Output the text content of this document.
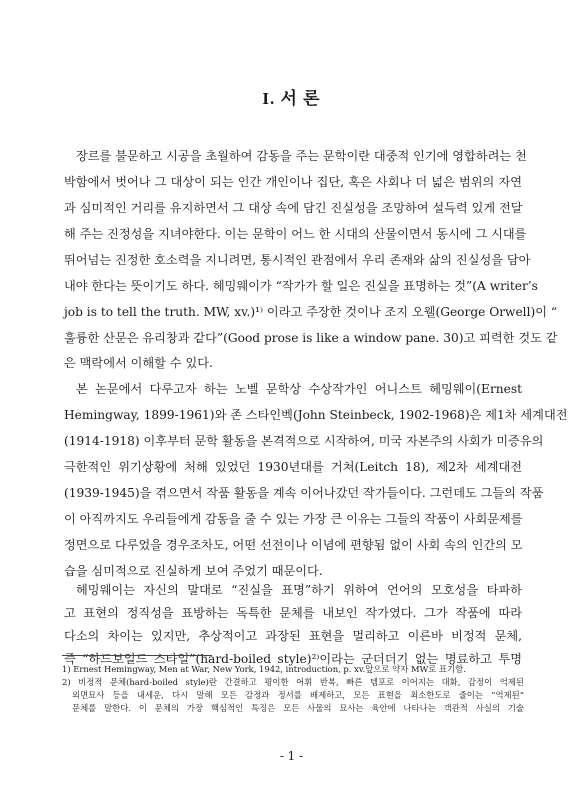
I. 서 론
장르를 불문하고 시공을 초월하여 감동을 주는 문학이란 대중적 인기에 영합하려는 천
박함에서 벗어나 그 대상이 되는 인간 개인이나 집단, 혹은 사회나 더 넓은 범위의 자연
과 심미적인 거리를 유지하면서 그 대상 속에 담긴 진실성을 조망하여 설득력 있게 전달
해 주는 진정성을 지녀야한다. 이는 문학이 어느 한 시대의 산물이면서 동시에 그 시대를
뛰어넘는 진정한 호소력을 지니려면, 통시적인 관점에서 우리 존재와 삶의 진실성을 담아
내야 한다는 뜻이기도 하다. 헤밍웨이가 “작가가 할 일은 진실을 표명하는 것”(A writer’s
job is to tell the truth. MW, xv.)¹⁾ 이라고 주장한 것이나 조지 오웰(George Orwell)이 “
훌륭한 산문은 유리창과 같다”(Good prose is like a window pane. 30)고 피력한 것도 같
은 맥락에서 이해할 수 있다.
본 논문에서 다루고자 하는 노벨 문학상 수상작가인 어니스트 헤밍웨이(Ernest
Hemingway, 1899-1961)와 존 스타인벡(John Steinbeck, 1902-1968)은 제1차 세계대전
(1914-1918) 이후부터 문학 활동을 본격적으로 시작하여, 미국 자본주의 사회가 미증유의
극한적인 위기상황에 처해 있었던 1930년대를 거쳐(Leitch 18), 제2차 세계대전
(1939-1945)을 겪으면서 작품 활동을 계속 이어나갔던 작가들이다. 그런데도 그들의 작품
이 아직까지도 우리들에게 감동을 줄 수 있는 가장 큰 이유는 그들의 작품이 사회문제를
정면으로 다루었을 경우조차도, 어떤 선전이나 이념에 편향됨 없이 사회 속의 인간의 모
습을 심미적으로 진실하게 보여 주었기 때문이다.
헤밍웨이는 자신의 말대로 “진실을 표명”하기 위하여 언어의 모호성을 타파하
고 표현의 정직성을 표방하는 독특한 문체를 내보인 작가였다. 그가 작품에 따라
다소의 차이는 있지만, 추상적이고 과장된 표현을 멀리하고 이른바 비정적 문체,
즉 “하드보일드 스타일”(hard-boiled style)²⁾이라는 군더더기 없는 명료하고 투명
1) Ernest Hemingway, Men at War, New York, 1942, introduction, p. xv.앞으로 약자 MW로 표기함.
2) 비정적 문체(hard-boiled style)란 간결하고 평이한 어휘 반복, 빠른 템포로 이어지는 대화, 감정이 억제된
외면묘사 등을 내세운, 다시 말해 모든 감정과 정서를 배제하고, 모든 표현을 최소한도로 줄이는 “억제된”
문체를 말한다. 이 문체의 가장 핵심적인 특징은 모든 사물의 묘사는 육안에 나타나는 객관적 사실의 기술
- 1 -
